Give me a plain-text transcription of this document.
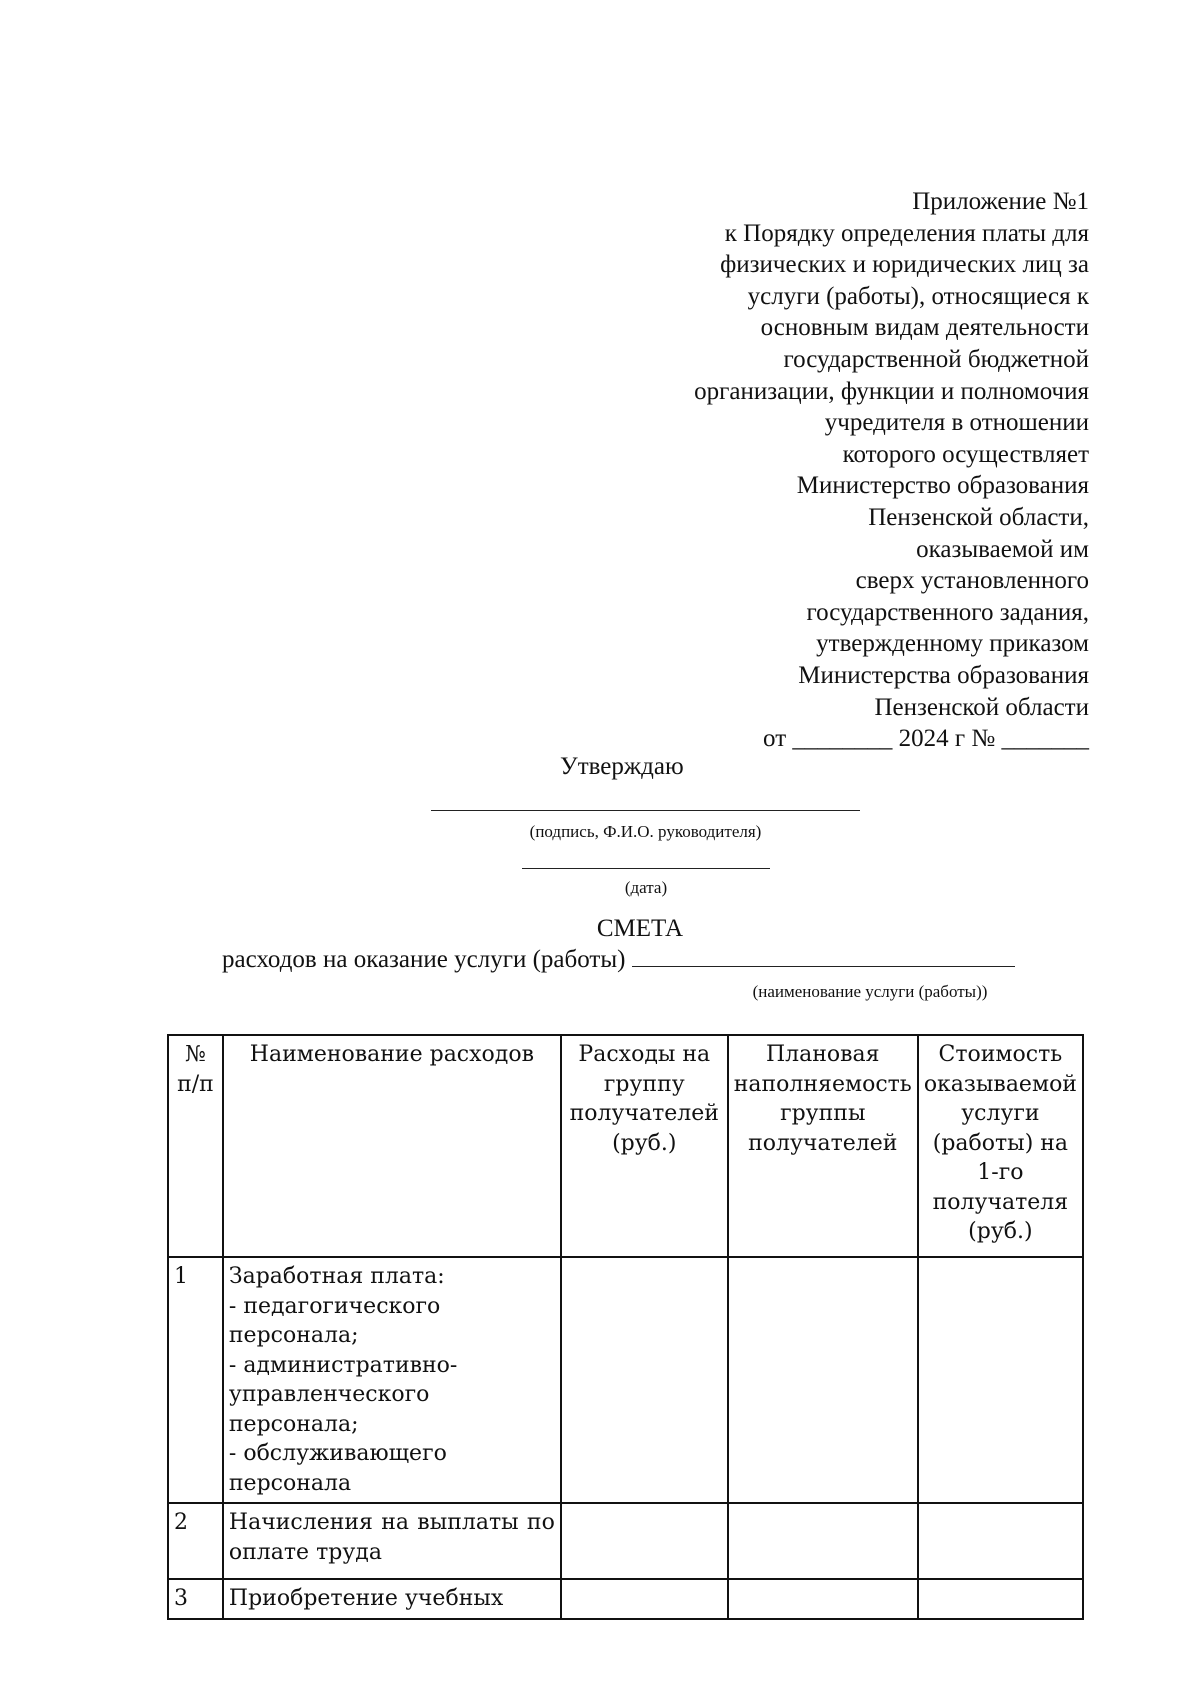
Приложение №1
к Порядку определения платы для
физических и юридических лиц за
услуги (работы), относящиеся к
основным видам деятельности
государственной бюджетной
организации, функции и полномочия
учредителя в отношении
которого осуществляет
Министерство образования
Пензенской области,
оказываемой им
сверх установленного
государственного задания,
утвержденному приказом
Министерства образования
Пензенской области
от ________ 2024 г № _______
Утверждаю
(подпись, Ф.И.О. руководителя)
(дата)
СМЕТА
расходов на оказание услуги (работы)
(наименование услуги (работы))
№ п/п	Наименование расходов	Расходы на группу получателей (руб.)	Плановая наполняемость группы получателей	Стоимость оказываемой услуги (работы) на 1-го получателя (руб.)
1	Заработная плата:
- педагогического персонала;
- административно-
управленческого персонала;
- обслуживающего персонала			

2	Начисления на выплаты по
оплате труда			

3	Приобретение учебных			
